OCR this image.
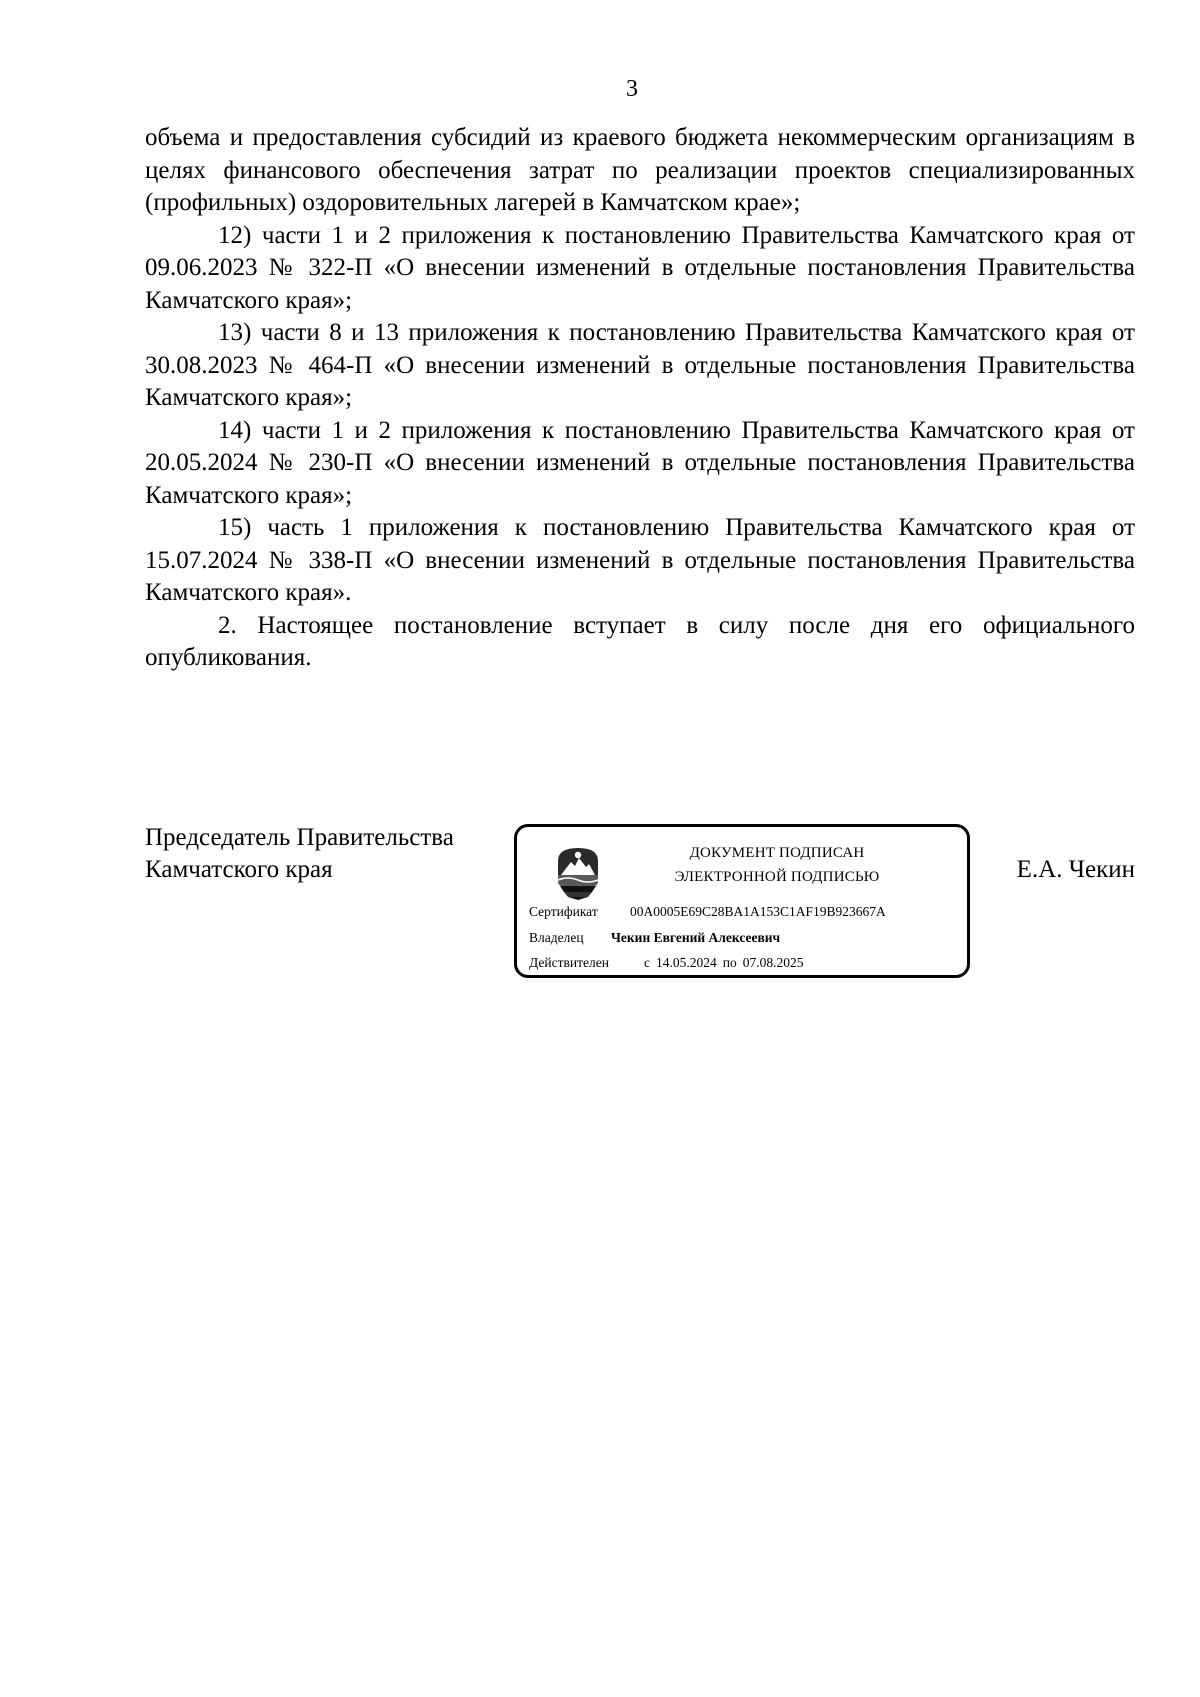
3

объема и предоставления субсидий из краевого бюджета некоммерческим организациям в целях финансового обеспечения затрат по реализации проектов специализированных (профильных) оздоровительных лагерей в Камчатском крае»;

12) части 1 и 2 приложения к постановлению Правительства Камчатского края от 09.06.2023 № 322-П «О внесении изменений в отдельные постановления Правительства Камчатского края»;

13) части 8 и 13 приложения к постановлению Правительства Камчатского края от 30.08.2023 № 464-П «О внесении изменений в отдельные постановления Правительства Камчатского края»;

14) части 1 и 2 приложения к постановлению Правительства Камчатского края от 20.05.2024 № 230-П «О внесении изменений в отдельные постановления Правительства Камчатского края»;

15) часть 1 приложения к постановлению Правительства Камчатского края от 15.07.2024 № 338-П «О внесении изменений в отдельные постановления Правительства Камчатского края».

2. Настоящее постановление вступает в силу после дня его официального опубликования.

Председатель Правительства
Камчатского края
ДОКУМЕНТ ПОДПИСАН
ЭЛЕКТРОННОЙ ПОДПИСЬЮ
Сертификат 00A0005E69C28BA1A153C1AF19B923667A
Владелец Чекин Евгений Алексеевич
Действителен	с 14.05.2024 по 07.08.2025
Е.А. Чекин
